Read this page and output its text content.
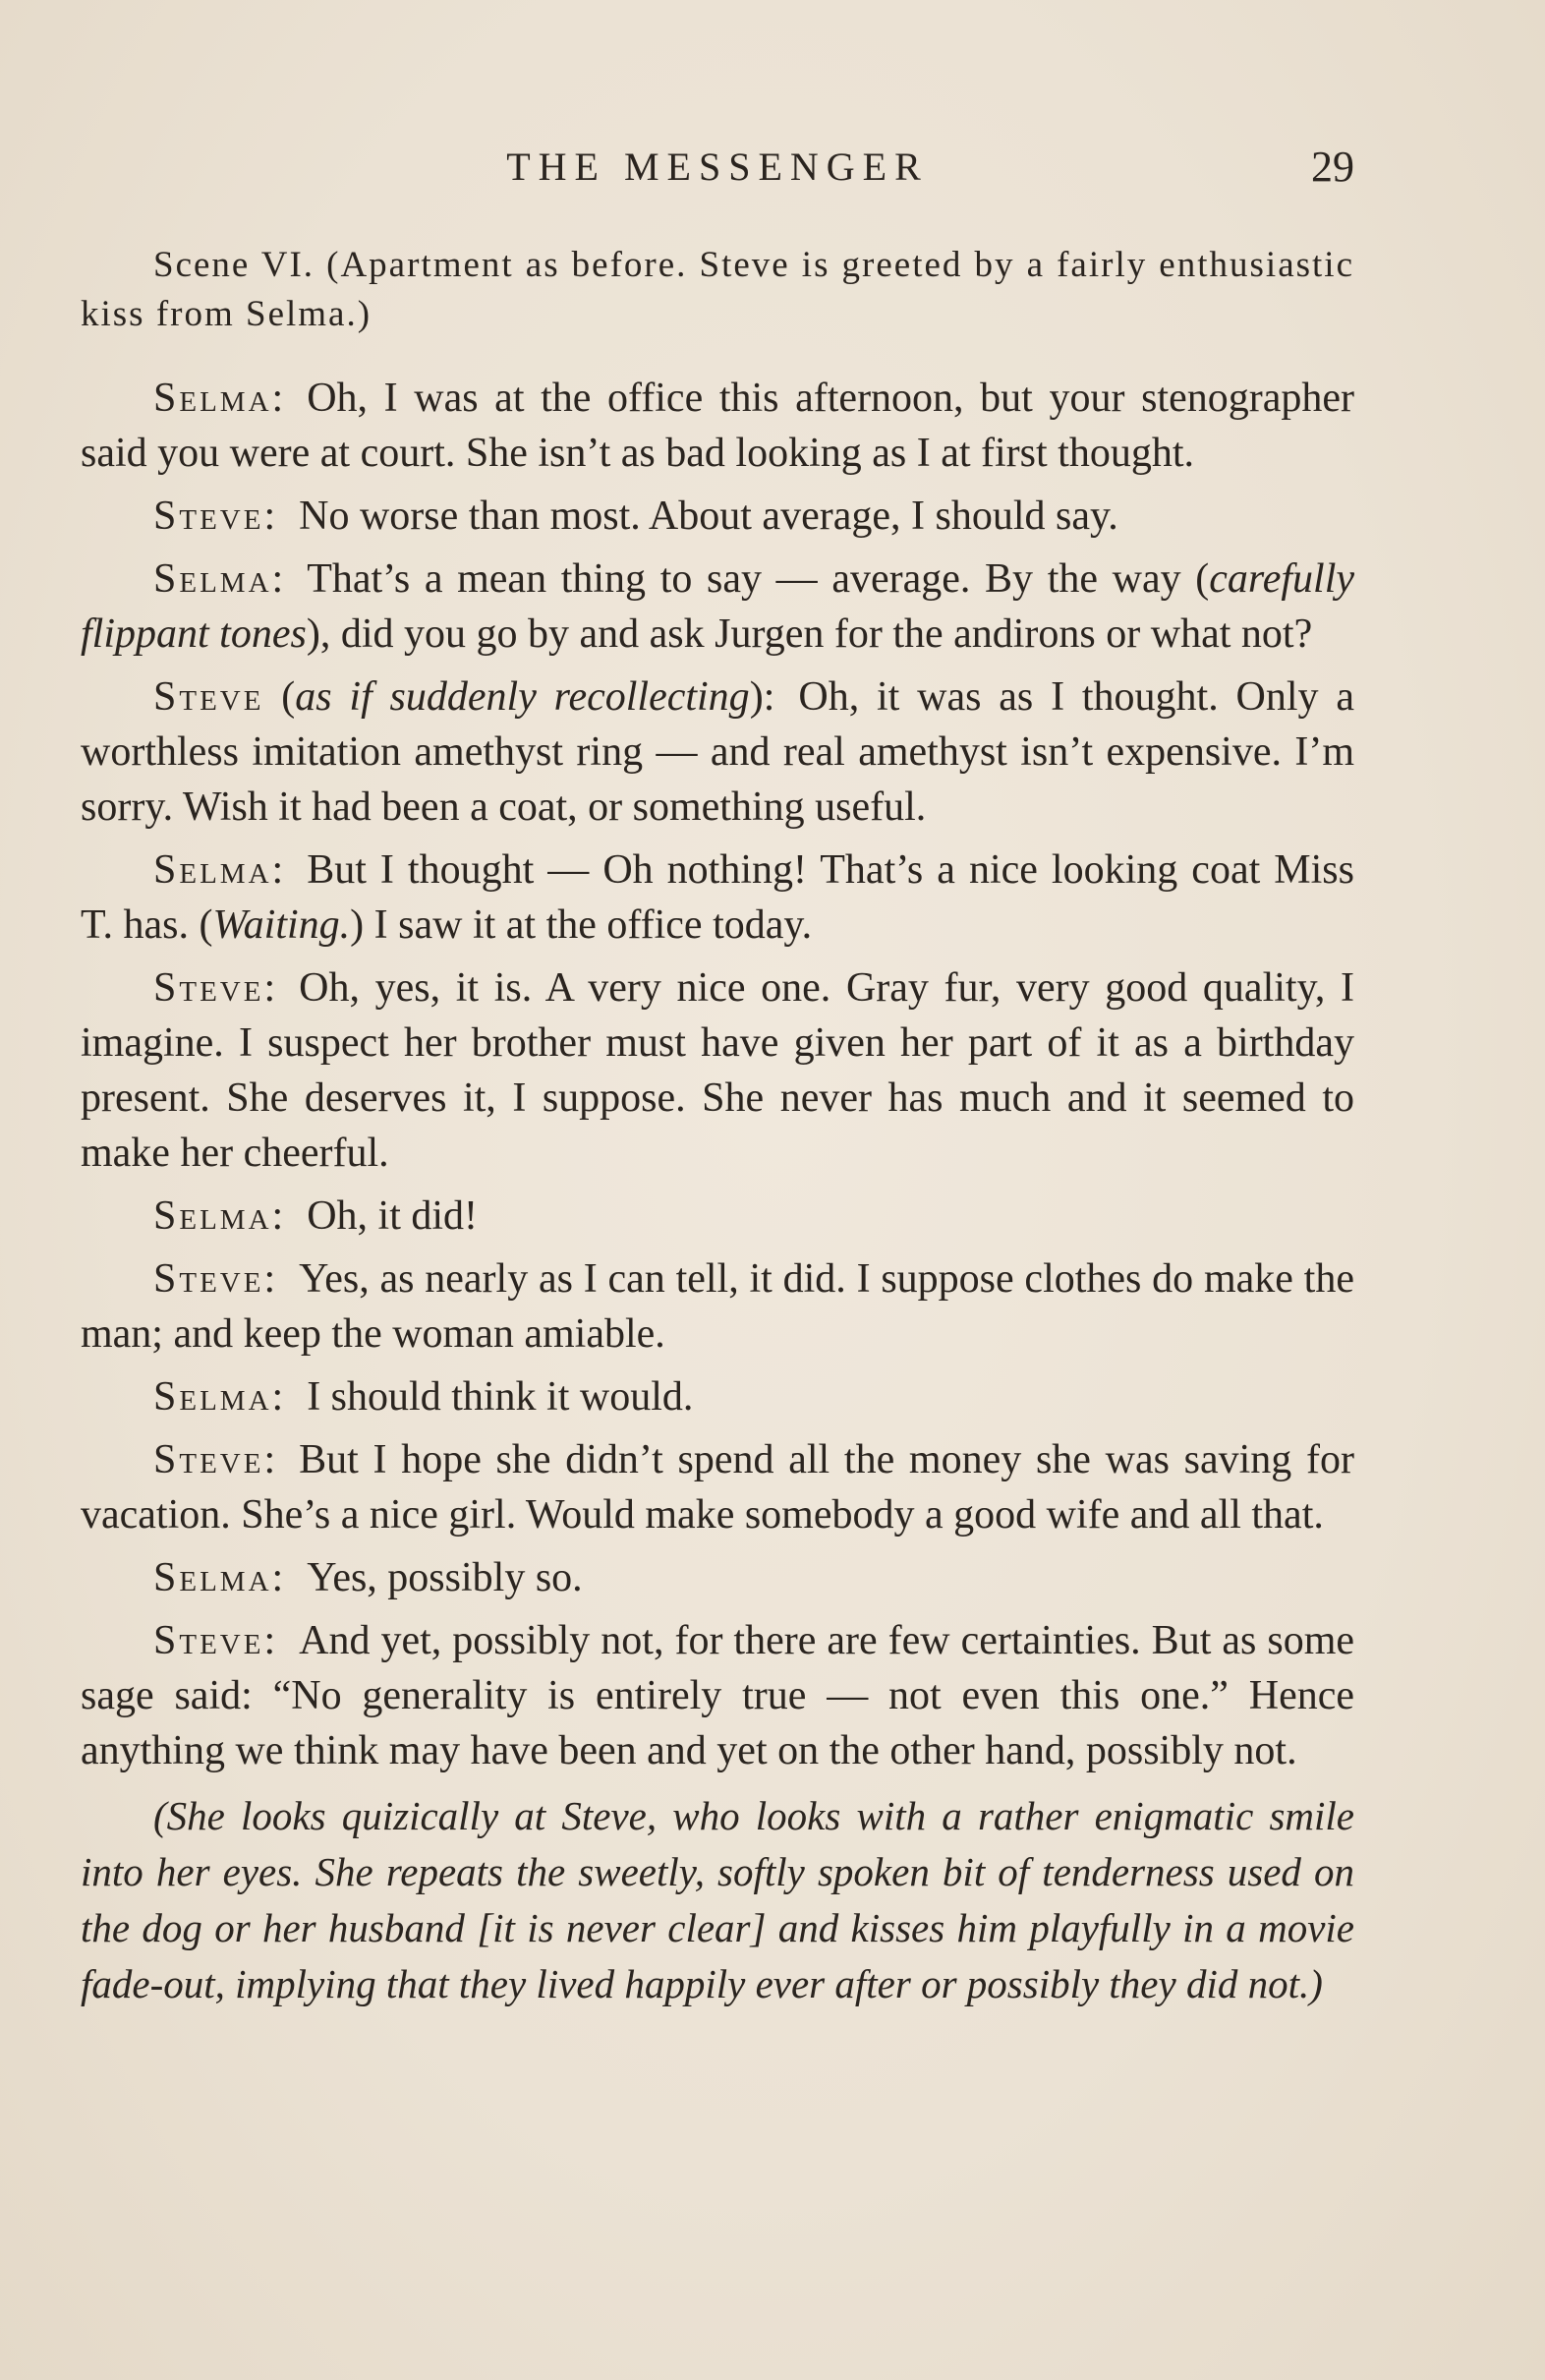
THE MESSENGER	29

Scene VI. (Apartment as before. Steve is greeted by a fairly enthusiastic kiss from Selma.)

Selma: Oh, I was at the office this afternoon, but your stenographer said you were at court. She isn’t as bad looking as I at first thought.

Steve: No worse than most. About average, I should say.

Selma: That’s a mean thing to say — average. By the way (carefully flippant tones), did you go by and ask Jurgen for the andirons or what not?

Steve (as if suddenly recollecting): Oh, it was as I thought. Only a worthless imitation amethyst ring — and real amethyst isn’t expensive. I’m sorry. Wish it had been a coat, or something useful.

Selma: But I thought — Oh nothing! That’s a nice looking coat Miss T. has. (Waiting.) I saw it at the office today.

Steve: Oh, yes, it is. A very nice one. Gray fur, very good quality, I imagine. I suspect her brother must have given her part of it as a birthday present. She deserves it, I suppose. She never has much and it seemed to make her cheerful.

Selma: Oh, it did!

Steve: Yes, as nearly as I can tell, it did. I suppose clothes do make the man; and keep the woman amiable.

Selma: I should think it would.

Steve: But I hope she didn’t spend all the money she was saving for vacation. She’s a nice girl. Would make somebody a good wife and all that.

Selma: Yes, possibly so.

Steve: And yet, possibly not, for there are few certainties. But as some sage said: “No generality is entirely true — not even this one.” Hence anything we think may have been and yet on the other hand, possibly not.

(She looks quizically at Steve, who looks with a rather enigmatic smile into her eyes. She repeats the sweetly, softly spoken bit of tenderness used on the dog or her husband [it is never clear] and kisses him playfully in a movie fade-out, implying that they lived happily ever after or possibly they did not.)
